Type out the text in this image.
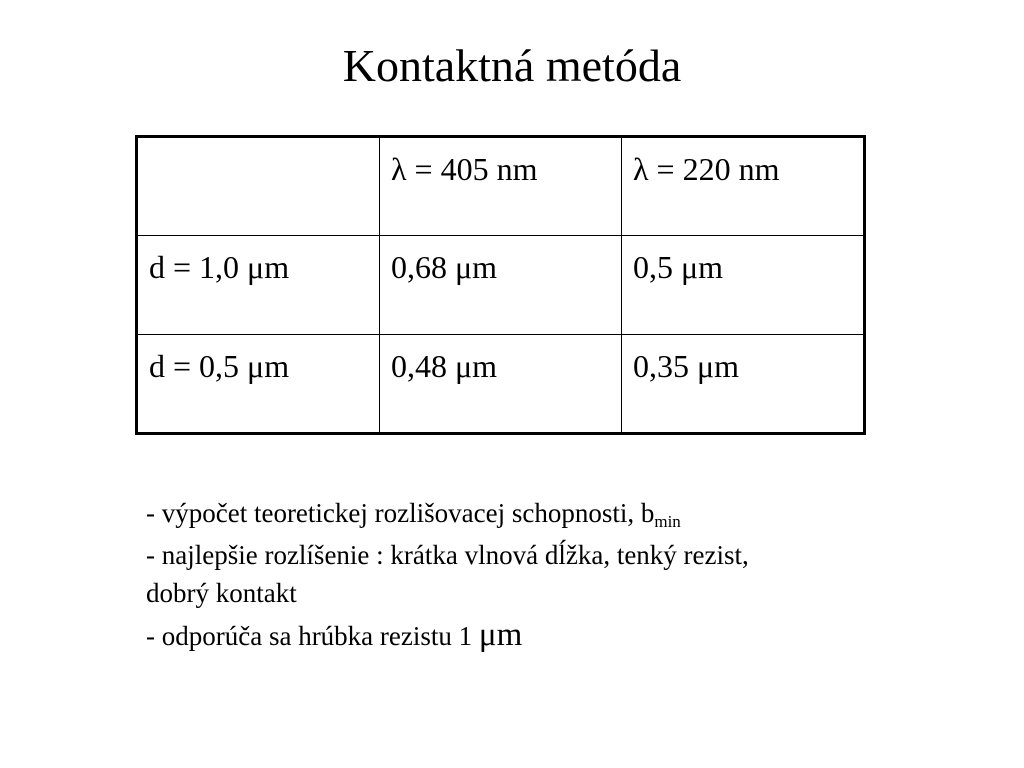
Kontaktná metóda
	λ = 405 nm	λ = 220 nm
d = 1,0 μm	0,68 μm	0,5 μm
d = 0,5 μm	0,48 μm	0,35 μm

- výpočet teoretickej rozlišovacej schopnosti, $b_{min}$

- najlepšie rozlíšenie : krátka vlnová dĺžka, tenký rezist,

dobrý kontakt

- odporúča sa hrúbka rezistu 1 μm
